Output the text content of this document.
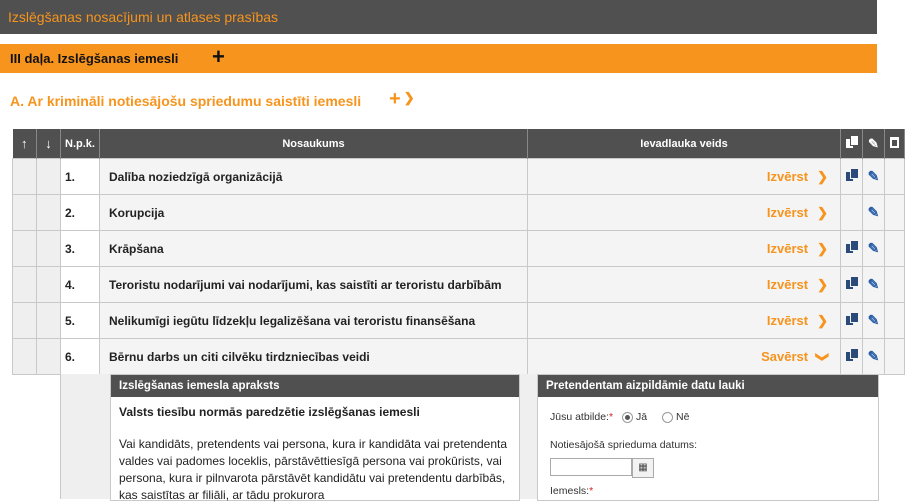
Izslēgšanas nosacījumi un atlases prasības
III daļa. Izslēgšanas iemesli +
A. Ar krimināli notiesājošu spriedumu saistīti iemesli + ❯
↑	↓	N.p.k.	Nosaukums	Ievadlauka veids		✎	
		1.	Dalība noziedzīgā organizācijā	Izvērst ❯		✎	
		2.	Korupcija	Izvērst ❯		✎	
		3.	Krāpšana	Izvērst ❯		✎	
		4.	Teroristu nodarījumi vai nodarījumi, kas saistīti ar teroristu darbībām	Izvērst ❯		✎	
		5.	Nelikumīgi iegūtu līdzekļu legalizēšana vai teroristu finansēšana	Izvērst ❯		✎	
		6.	Bērnu darbs un citi cilvēku tirdzniecības veidi	Savērst ❯		✎	
Izslēgšanas iemesla apraksts
Valsts tiesību normās paredzētie izslēgšanas iemesli
Vai kandidāts, pretendents vai persona, kura ir kandidāta vai pretendenta valdes vai padomes loceklis, pārstāvēttiesīgā persona vai prokūrists, vai persona, kura ir pilnvarota pārstāvēt kandidātu vai pretendentu darbībās, kas saistītas ar filiāli, ar tādu prokurora
Pretendentam aizpildāmie datu lauki
Jūsu atbilde:* Jā	Nē
Notiesājošā sprieduma datums:
▦
Iemesls:*
